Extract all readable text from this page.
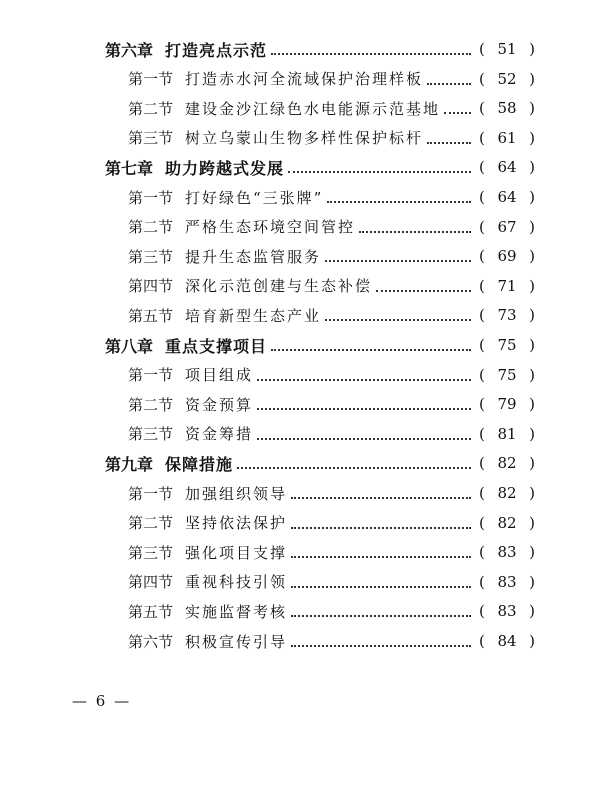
第六章 打造亮点示范	( 51 )
第一节 打造赤水河全流域保护治理样板	( 52 )
第二节 建设金沙江绿色水电能源示范基地	( 58 )
第三节 树立乌蒙山生物多样性保护标杆	( 61 )
第七章 助力跨越式发展	( 64 )
第一节 打好绿色“三张牌”	( 64 )
第二节 严格生态环境空间管控	( 67 )
第三节 提升生态监管服务	( 69 )
第四节 深化示范创建与生态补偿	( 71 )
第五节 培育新型生态产业	( 73 )
第八章 重点支撑项目	( 75 )
第一节 项目组成	( 75 )
第二节 资金预算	( 79 )
第三节 资金筹措	( 81 )
第九章 保障措施	( 82 )
第一节 加强组织领导	( 82 )
第二节 坚持依法保护	( 82 )
第三节 强化项目支撑	( 83 )
第四节 重视科技引领	( 83 )
第五节 实施监督考核	( 83 )
第六节 积极宣传引导	( 84 )
— 6 —
